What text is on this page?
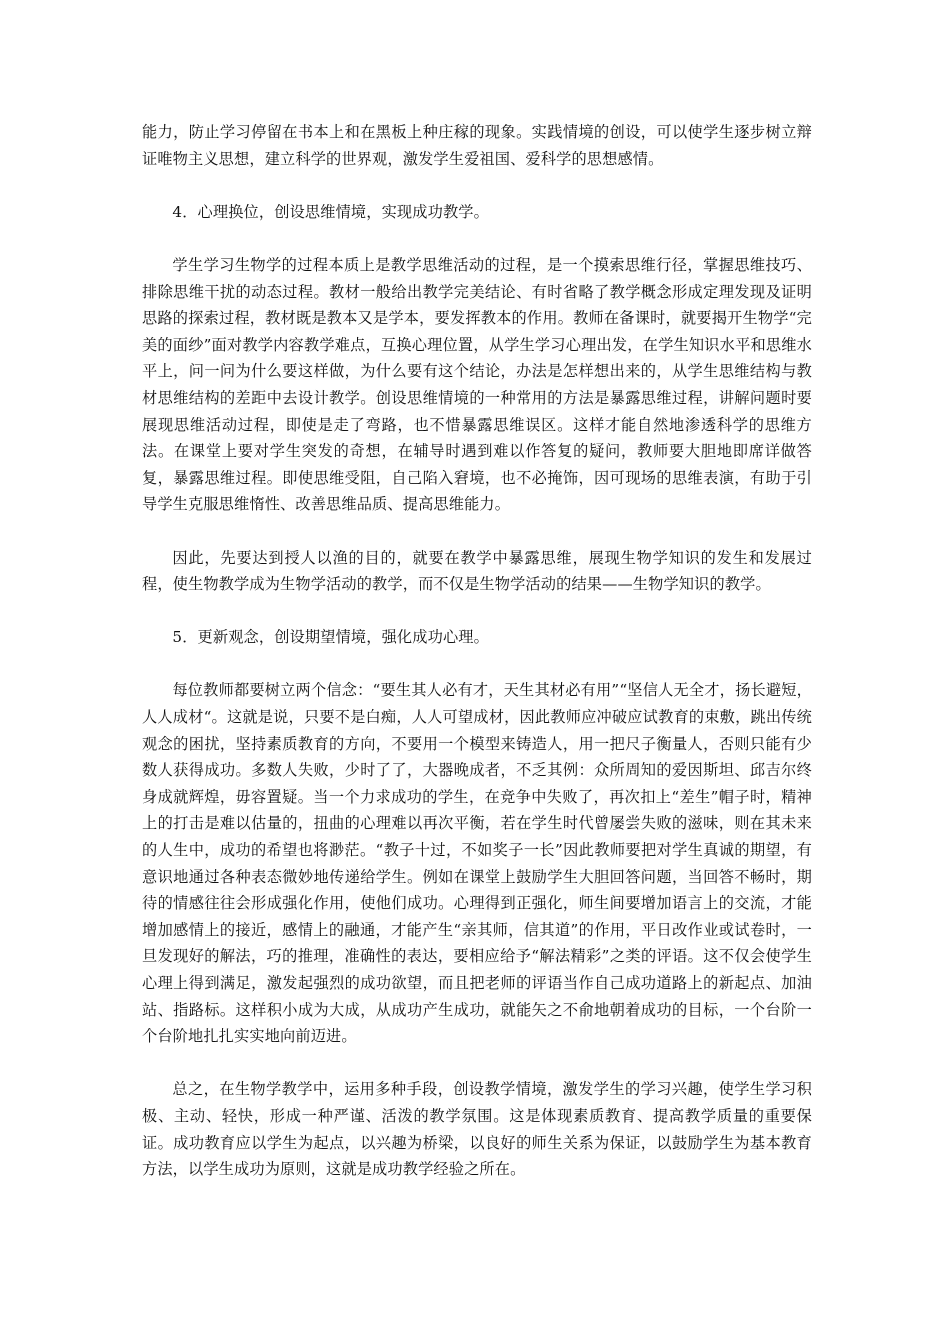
能力，防止学习停留在书本上和在黑板上种庄稼的现象。实践情境的创设，可以使学生逐步树立辩证唯物主义思想，建立科学的世界观，激发学生爱祖国、爱科学的思想感情。

4．心理换位，创设思维情境，实现成功教学。

学生学习生物学的过程本质上是教学思维活动的过程，是一个摸索思维行径，掌握思维技巧、排除思维干扰的动态过程。教材一般给出教学完美结论、有时省略了教学概念形成定理发现及证明思路的探索过程，教材既是教本又是学本，要发挥教本的作用。教师在备课时，就要揭开生物学“完美的面纱”面对教学内容教学难点，互换心理位置，从学生学习心理出发，在学生知识水平和思维水平上，问一问为什么要这样做，为什么要有这个结论，办法是怎样想出来的，从学生思维结构与教材思维结构的差距中去设计教学。创设思维情境的一种常用的方法是暴露思维过程，讲解问题时要展现思维活动过程，即使是走了弯路，也不惜暴露思维误区。这样才能自然地渗透科学的思维方法。在课堂上要对学生突发的奇想，在辅导时遇到难以作答复的疑问，教师要大胆地即席详做答复，暴露思维过程。即使思维受阻，自己陷入窘境，也不必掩饰，因可现场的思维表演，有助于引导学生克服思维惰性、改善思维品质、提高思维能力。

因此，先要达到授人以渔的目的，就要在教学中暴露思维，展现生物学知识的发生和发展过程，使生物教学成为生物学活动的教学，而不仅是生物学活动的结果——生物学知识的教学。

5．更新观念，创设期望情境，强化成功心理。

每位教师都要树立两个信念：“要生其人必有才，天生其材必有用”“坚信人无全才，扬长避短，人人成材“。这就是说，只要不是白痴，人人可望成材，因此教师应冲破应试教育的束敷，跳出传统观念的困扰，坚持素质教育的方向，不要用一个模型来铸造人，用一把尺子衡量人，否则只能有少数人获得成功。多数人失败，少时了了，大器晚成者，不乏其例：众所周知的爱因斯坦、邱吉尔终身成就辉煌，毋容置疑。当一个力求成功的学生，在竞争中失败了，再次扣上“差生”帽子时，精神上的打击是难以估量的，扭曲的心理难以再次平衡，若在学生时代曾屡尝失败的滋味，则在其未来的人生中，成功的希望也将渺茫。“教子十过，不如奖子一长”因此教师要把对学生真诚的期望，有意识地通过各种表态微妙地传递给学生。例如在课堂上鼓励学生大胆回答问题，当回答不畅时，期待的情感往往会形成强化作用，使他们成功。心理得到正强化，师生间要增加语言上的交流，才能增加感情上的接近，感情上的融通，才能产生“亲其师，信其道”的作用，平日改作业或试卷时，一旦发现好的解法，巧的推理，准确性的表达，要相应给予“解法精彩”之类的评语。这不仅会使学生心理上得到满足，激发起强烈的成功欲望，而且把老师的评语当作自己成功道路上的新起点、加油站、指路标。这样积小成为大成，从成功产生成功，就能矢之不俞地朝着成功的目标，一个台阶一个台阶地扎扎实实地向前迈进。

总之，在生物学教学中，运用多种手段，创设教学情境，激发学生的学习兴趣，使学生学习积极、主动、轻快，形成一种严谨、活泼的教学氛围。这是体现素质教育、提高教学质量的重要保证。成功教育应以学生为起点，以兴趣为桥梁，以良好的师生关系为保证，以鼓励学生为基本教育方法，以学生成功为原则，这就是成功教学经验之所在。
